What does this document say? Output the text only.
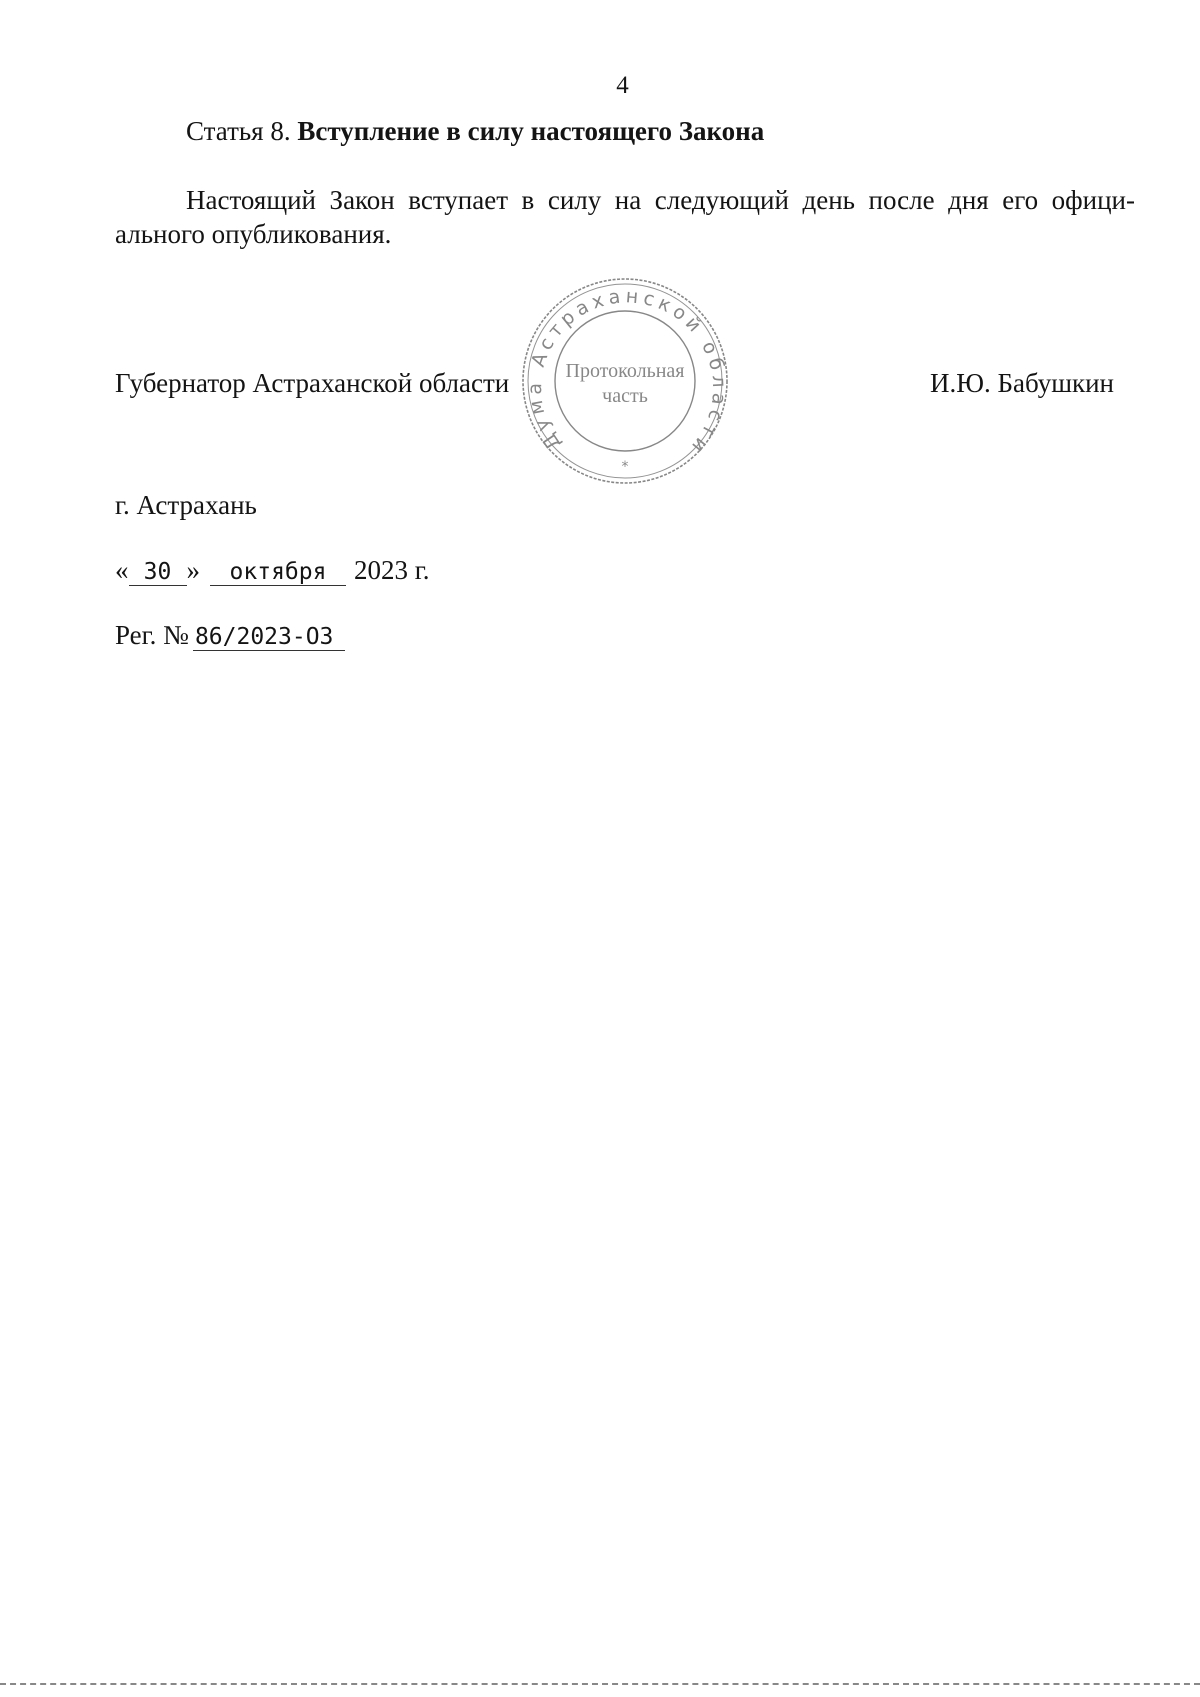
4
Статья 8. Вступление в силу настоящего Закона
Настоящий Закон вступает в силу на следующий день после дня его офици-
ального опубликования.
Дума Астраханской области
Протокольная
часть
*
Губернатор Астраханской области	И.Ю. Бабушкин
г. Астрахань
« 30 » октября 2023 г.
Рег. № 86/2023-ОЗ
